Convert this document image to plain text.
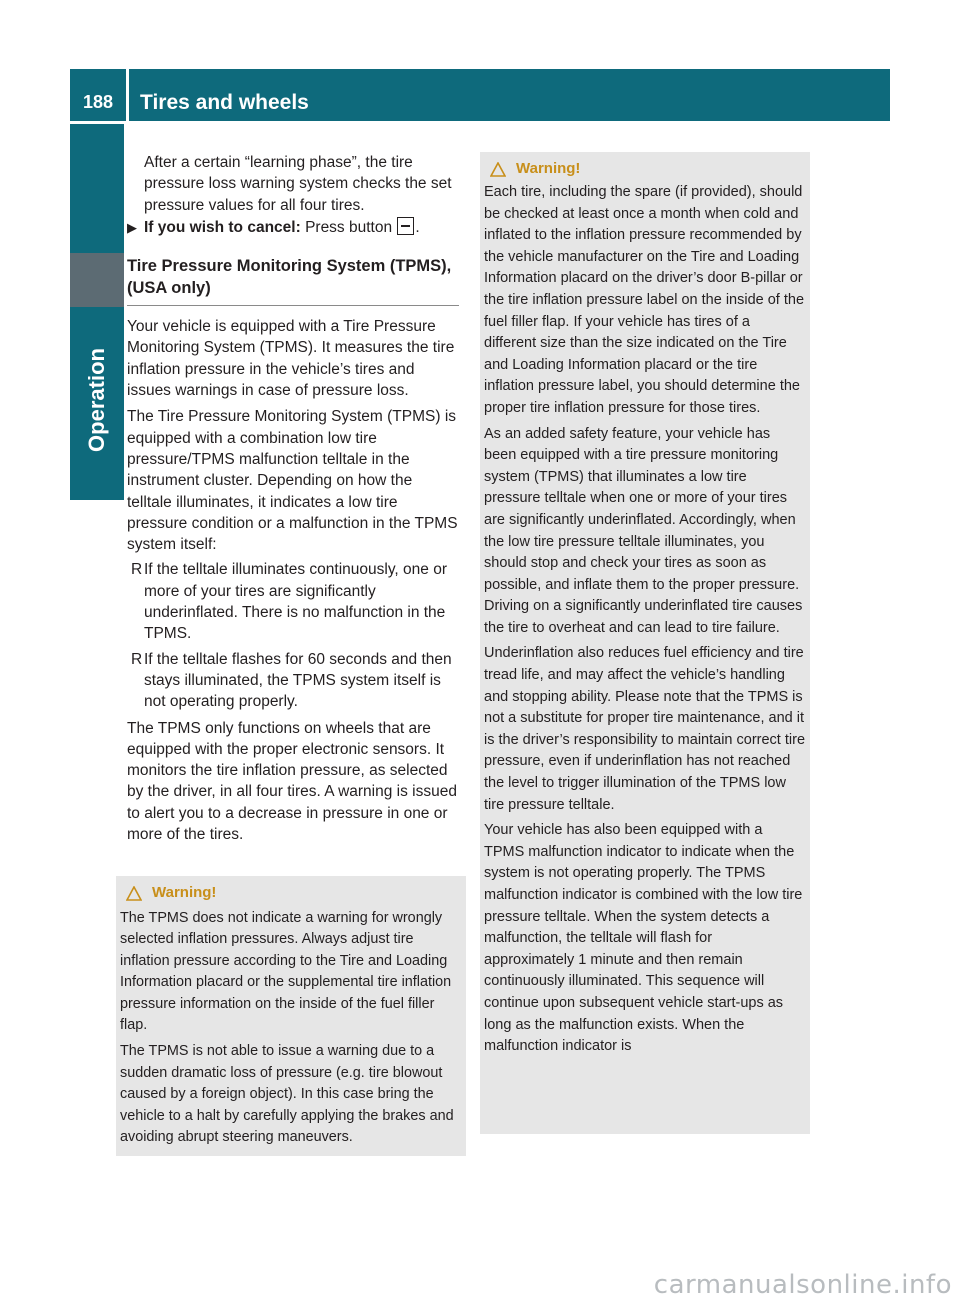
188	Tires and wheels
Operation

After a certain “learning phase”, the tire pressure loss warning system checks the set pressure values for all four tires.

▶ If you wish to cancel: Press button .

Tire Pressure Monitoring System (TPMS), (USA only)

Your vehicle is equipped with a Tire Pressure Monitoring System (TPMS). It measures the tire inflation pressure in the vehicle’s tires and issues warnings in case of pressure loss.

The Tire Pressure Monitoring System (TPMS) is equipped with a combination low tire pressure/TPMS malfunction telltale in the instrument cluster. Depending on how the telltale illuminates, it indicates a low tire pressure condition or a malfunction in the TPMS system itself:

R If the telltale illuminates continuously, one or more of your tires are significantly underinflated. There is no malfunction in the TPMS.
R If the telltale flashes for 60 seconds and then stays illuminated, the TPMS system itself is not operating properly.

The TPMS only functions on wheels that are equipped with the proper electronic sensors. It monitors the tire inflation pressure, as selected by the driver, in all four tires. A warning is issued to alert you to a decrease in pressure in one or more of the tires.

Warning!

The TPMS does not indicate a warning for wrongly selected inflation pressures. Always adjust tire inflation pressure according to the Tire and Loading Information placard or the supplemental tire inflation pressure information on the inside of the fuel filler flap.

The TPMS is not able to issue a warning due to a sudden dramatic loss of pressure (e.g. tire blowout caused by a foreign object). In this case bring the vehicle to a halt by carefully applying the brakes and avoiding abrupt steering maneuvers.

Warning!

Each tire, including the spare (if provided), should be checked at least once a month when cold and inflated to the inflation pressure recommended by the vehicle manufacturer on the Tire and Loading Information placard on the driver’s door B-pillar or the tire inflation pressure label on the inside of the fuel filler flap. If your vehicle has tires of a different size than the size indicated on the Tire and Loading Information placard or the tire inflation pressure label, you should determine the proper tire inflation pressure for those tires.

As an added safety feature, your vehicle has been equipped with a tire pressure monitoring system (TPMS) that illuminates a low tire pressure telltale when one or more of your tires are significantly underinflated. Accordingly, when the low tire pressure telltale illuminates, you should stop and check your tires as soon as possible, and inflate them to the proper pressure. Driving on a significantly underinflated tire causes the tire to overheat and can lead to tire failure.

Underinflation also reduces fuel efficiency and tire tread life, and may affect the vehicle’s handling and stopping ability. Please note that the TPMS is not a substitute for proper tire maintenance, and it is the driver’s responsibility to maintain correct tire pressure, even if underinflation has not reached the level to trigger illumination of the TPMS low tire pressure telltale.

Your vehicle has also been equipped with a TPMS malfunction indicator to indicate when the system is not operating properly. The TPMS malfunction indicator is combined with the low tire pressure telltale. When the system detects a malfunction, the telltale will flash for approximately 1 minute and then remain continuously illuminated. This sequence will continue upon subsequent vehicle start-ups as long as the malfunction exists. When the malfunction indicator is

carmanualsonline.info
